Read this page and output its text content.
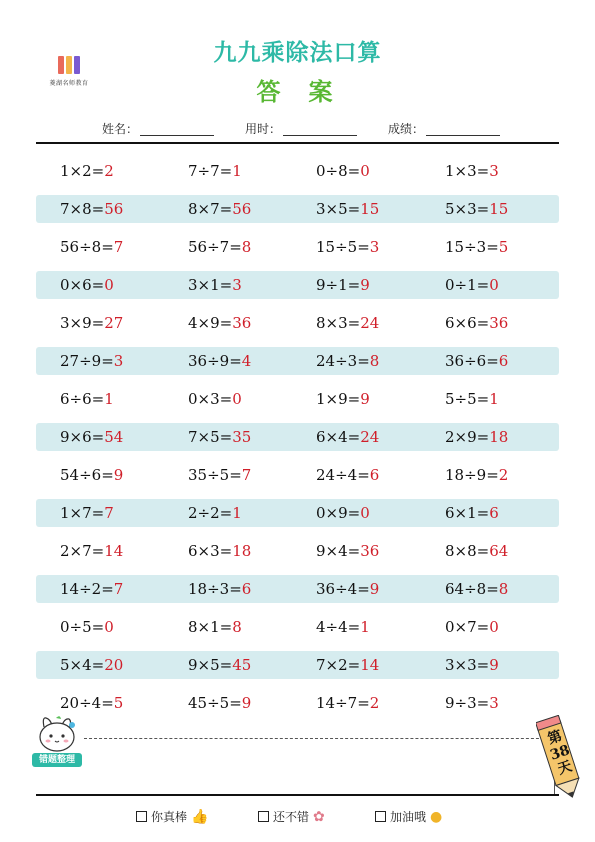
菱湖名师教育
九九乘除法口算
答案
姓名：	用时：	成绩：
1×2=2	7÷7=1	0÷8=0	1×3=3
7×8=56	8×7=56	3×5=15	5×3=15
56÷8=7	56÷7=8	15÷5=3	15÷3=5
0×6=0	3×1=3	9÷1=9	0÷1=0
3×9=27	4×9=36	8×3=24	6×6=36
27÷9=3	36÷9=4	24÷3=8	36÷6=6
6÷6=1	0×3=0	1×9=9	5÷5=1
9×6=54	7×5=35	6×4=24	2×9=18
54÷6=9	35÷5=7	24÷4=6	18÷9=2
1×7=7	2÷2=1	0×9=0	6×1=6
2×7=14	6×3=18	9×4=36	8×8=64
14÷2=7	18÷3=6	36÷4=9	64÷8=8
0÷5=0	8×1=8	4÷4=1	0×7=0
5×4=20	9×5=45	7×2=14	3×3=9
20÷4=5	45÷5=9	14÷7=2	9÷3=3
错题整理
第38天
你真棒 👍	还不错 ✿	加油哦 ●
